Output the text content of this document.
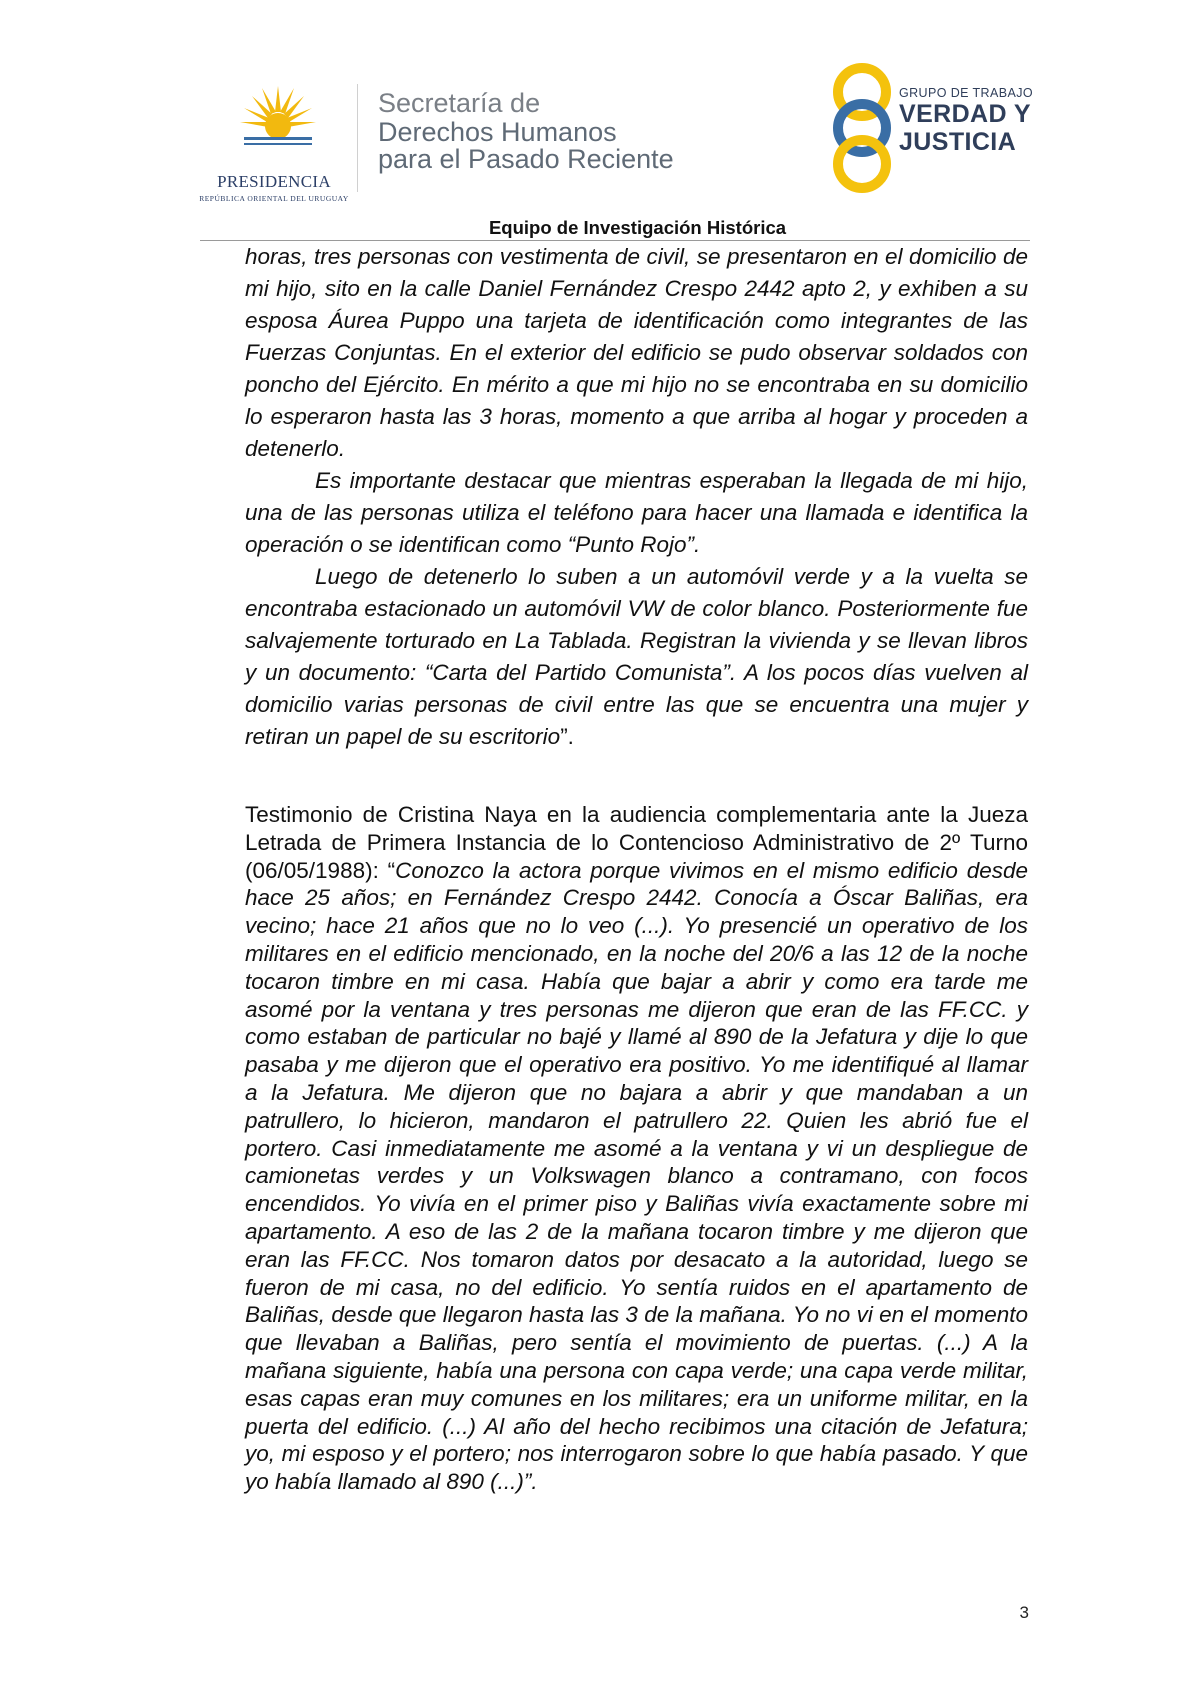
PRESIDENCIA
REPÚBLICA ORIENTAL DEL URUGUAY
Secretaría de
Derechos Humanos
para el Pasado Reciente
GRUPO DE TRABAJO
VERDAD Y
JUSTICIA
Equipo de Investigación Histórica

horas, tres personas con vestimenta de civil, se presentaron en el domicilio de mi hijo, sito en la calle Daniel Fernández Crespo 2442 apto 2, y exhiben a su esposa Áurea Puppo una tarjeta de identificación como integrantes de las Fuerzas Conjuntas. En el exterior del edificio se pudo observar soldados con poncho del Ejército. En mérito a que mi hijo no se encontraba en su domicilio lo esperaron hasta las 3 horas, momento a que arriba al hogar y proceden a detenerlo.

Es importante destacar que mientras esperaban la llegada de mi hijo, una de las personas utiliza el teléfono para hacer una llamada e identifica la operación o se identifican como “Punto Rojo”.

Luego de detenerlo lo suben a un automóvil verde y a la vuelta se encontraba estacionado un automóvil VW de color blanco. Posteriormente fue salvajemente torturado en La Tablada. Registran la vivienda y se llevan libros y un documento: “Carta del Partido Comunista”. A los pocos días vuelven al domicilio varias personas de civil entre las que se encuentra una mujer y retiran un papel de su escritorio”.

Testimonio de Cristina Naya en la audiencia complementaria ante la Jueza Letrada de Primera Instancia de lo Contencioso Administrativo de 2º Turno (06/05/1988): “Conozco la actora porque vivimos en el mismo edificio desde hace 25 años; en Fernández Crespo 2442. Conocía a Óscar Baliñas, era vecino; hace 21 años que no lo veo (...). Yo presencié un operativo de los militares en el edificio mencionado, en la noche del 20/6 a las 12 de la noche tocaron timbre en mi casa. Había que bajar a abrir y como era tarde me asomé por la ventana y tres personas me dijeron que eran de las FF.CC. y como estaban de particular no bajé y llamé al 890 de la Jefatura y dije lo que pasaba y me dijeron que el operativo era positivo. Yo me identifiqué al llamar a la Jefatura. Me dijeron que no bajara a abrir y que mandaban a un patrullero, lo hicieron, mandaron el patrullero 22. Quien les abrió fue el portero. Casi inmediatamente me asomé a la ventana y vi un despliegue de camionetas verdes y un Volkswagen blanco a contramano, con focos encendidos. Yo vivía en el primer piso y Baliñas vivía exactamente sobre mi apartamento. A eso de las 2 de la mañana tocaron timbre y me dijeron que eran las FF.CC. Nos tomaron datos por desacato a la autoridad, luego se fueron de mi casa, no del edificio. Yo sentía ruidos en el apartamento de Baliñas, desde que llegaron hasta las 3 de la mañana. Yo no vi en el momento que llevaban a Baliñas, pero sentía el movimiento de puertas. (...) A la mañana siguiente, había una persona con capa verde; una capa verde militar, esas capas eran muy comunes en los militares; era un uniforme militar, en la puerta del edificio. (...) Al año del hecho recibimos una citación de Jefatura; yo, mi esposo y el portero; nos interrogaron sobre lo que había pasado. Y que yo había llamado al 890 (...)”.

3
